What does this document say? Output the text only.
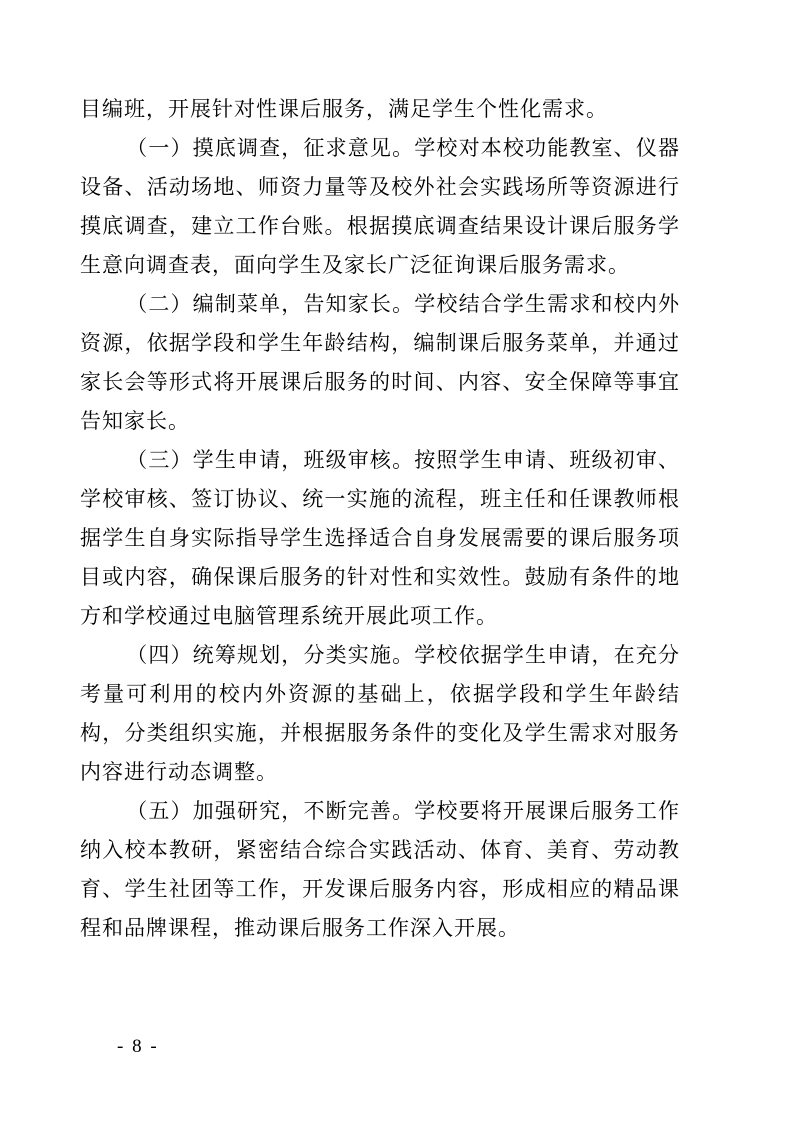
目编班，开展针对性课后服务，满足学生个性化需求。

（一）摸底调查，征求意见。学校对本校功能教室、仪器设备、活动场地、师资力量等及校外社会实践场所等资源进行摸底调查，建立工作台账。根据摸底调查结果设计课后服务学生意向调查表，面向学生及家长广泛征询课后服务需求。

（二）编制菜单，告知家长。学校结合学生需求和校内外资源，依据学段和学生年龄结构，编制课后服务菜单，并通过家长会等形式将开展课后服务的时间、内容、安全保障等事宜告知家长。

（三）学生申请，班级审核。按照学生申请、班级初审、学校审核、签订协议、统一实施的流程，班主任和任课教师根据学生自身实际指导学生选择适合自身发展需要的课后服务项目或内容，确保课后服务的针对性和实效性。鼓励有条件的地方和学校通过电脑管理系统开展此项工作。

（四）统筹规划，分类实施。学校依据学生申请，在充分考量可利用的校内外资源的基础上，依据学段和学生年龄结构，分类组织实施，并根据服务条件的变化及学生需求对服务内容进行动态调整。

（五）加强研究，不断完善。学校要将开展课后服务工作纳入校本教研，紧密结合综合实践活动、体育、美育、劳动教育、学生社团等工作，开发课后服务内容，形成相应的精品课程和品牌课程，推动课后服务工作深入开展。

- 8 -
